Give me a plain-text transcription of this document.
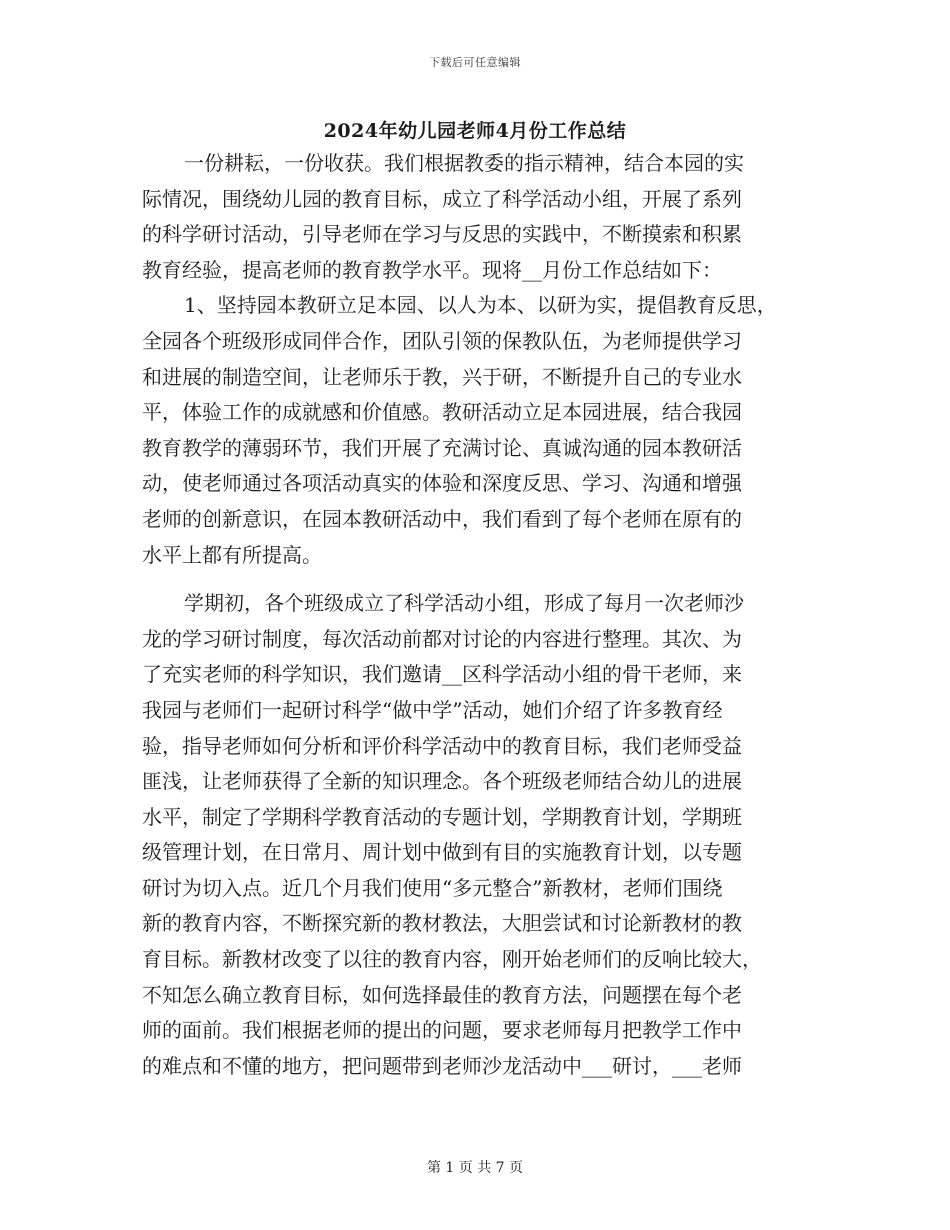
下载后可任意编辑
2024年幼儿园老师4月份工作总结
一份耕耘，一份收获。我们根据教委的指示精神，结合本园的实
际情况，围绕幼儿园的教育目标，成立了科学活动小组，开展了系列
的科学研讨活动，引导老师在学习与反思的实践中，不断摸索和积累
教育经验，提高老师的教育教学水平。现将__月份工作总结如下：
1、坚持园本教研立足本园、以人为本、以研为实，提倡教育反思，
全园各个班级形成同伴合作，团队引领的保教队伍，为老师提供学习
和进展的制造空间，让老师乐于教，兴于研，不断提升自己的专业水
平，体验工作的成就感和价值感。教研活动立足本园进展，结合我园
教育教学的薄弱环节，我们开展了充满讨论、真诚沟通的园本教研活
动，使老师通过各项活动真实的体验和深度反思、学习、沟通和增强
老师的创新意识，在园本教研活动中，我们看到了每个老师在原有的
水平上都有所提高。
学期初，各个班级成立了科学活动小组，形成了每月一次老师沙
龙的学习研讨制度，每次活动前都对讨论的内容进行整理。其次、为
了充实老师的科学知识，我们邀请__区科学活动小组的骨干老师，来
我园与老师们一起研讨科学“做中学”活动，她们介绍了许多教育经
验，指导老师如何分析和评价科学活动中的教育目标，我们老师受益
匪浅，让老师获得了全新的知识理念。各个班级老师结合幼儿的进展
水平，制定了学期科学教育活动的专题计划，学期教育计划，学期班
级管理计划，在日常月、周计划中做到有目的实施教育计划，以专题
研讨为切入点。近几个月我们使用“多元整合”新教材，老师们围绕
新的教育内容，不断探究新的教材教法，大胆尝试和讨论新教材的教
育目标。新教材改变了以往的教育内容，刚开始老师们的反响比较大，
不知怎么确立教育目标，如何选择最佳的教育方法，问题摆在每个老
师的面前。我们根据老师的提出的问题，要求老师每月把教学工作中
的难点和不懂的地方，把问题带到老师沙龙活动中___研讨，___老师
第 1 页 共 7 页
